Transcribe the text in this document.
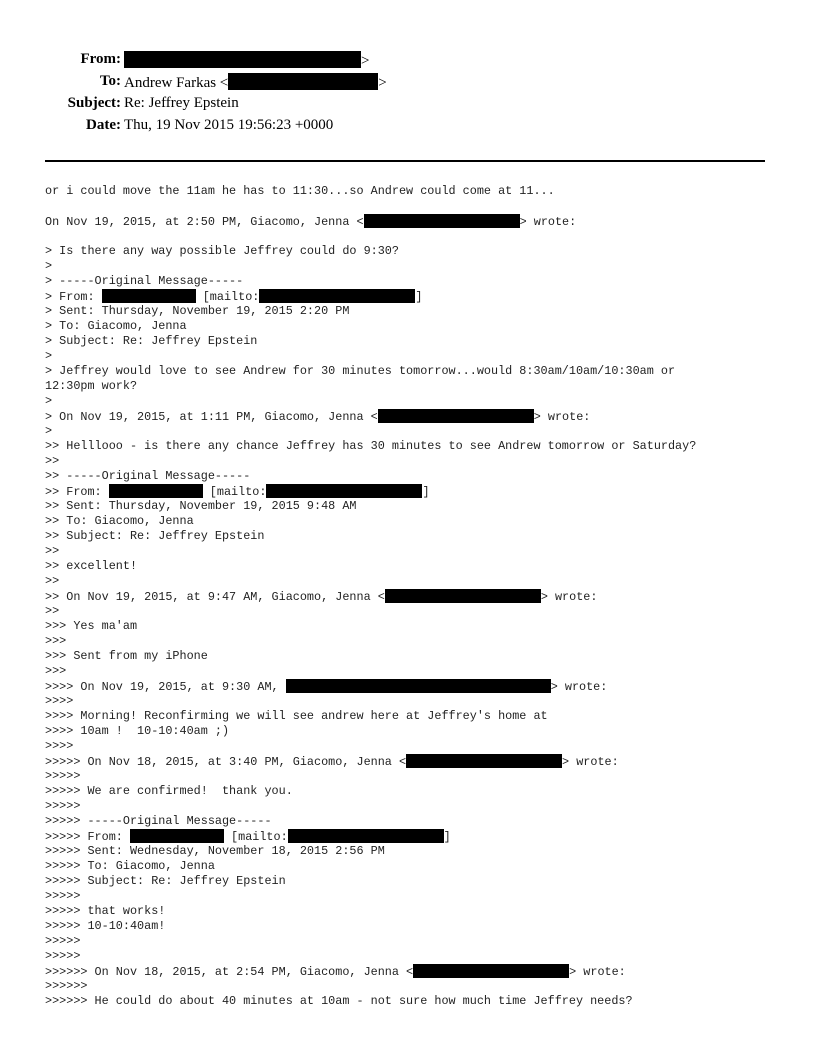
From:	>
To: Andrew Farkas <	>
Subject: Re: Jeffrey Epstein
Date: Thu, 19 Nov 2015 19:56:23 +0000
or i could move the 11am he has to 11:30...so Andrew could come at 11...
On Nov 19, 2015, at 2:50 PM, Giacomo, Jenna <	> wrote:
> Is there any way possible Jeffrey could do 9:30?
>
> -----Original Message-----
> From:	[mailto:	]
> Sent: Thursday, November 19, 2015 2:20 PM
> To: Giacomo, Jenna
> Subject: Re: Jeffrey Epstein
>
> Jeffrey would love to see Andrew for 30 minutes tomorrow...would 8:30am/10am/10:30am or
12:30pm work?
>
> On Nov 19, 2015, at 1:11 PM, Giacomo, Jenna <	> wrote:
>
>> Helllooo - is there any chance Jeffrey has 30 minutes to see Andrew tomorrow or Saturday?
>>
>> -----Original Message-----
>> From:	[mailto:	]
>> Sent: Thursday, November 19, 2015 9:48 AM
>> To: Giacomo, Jenna
>> Subject: Re: Jeffrey Epstein
>>
>> excellent!
>>
>> On Nov 19, 2015, at 9:47 AM, Giacomo, Jenna <	> wrote:
>>
>>> Yes ma'am
>>>
>>> Sent from my iPhone
>>>
>>>> On Nov 19, 2015, at 9:30 AM,	> wrote:
>>>>
>>>> Morning! Reconfirming we will see andrew here at Jeffrey's home at
>>>> 10am !  10-10:40am ;)
>>>>
>>>>> On Nov 18, 2015, at 3:40 PM, Giacomo, Jenna <	> wrote:
>>>>>
>>>>> We are confirmed!  thank you.
>>>>>
>>>>> -----Original Message-----
>>>>> From:	[mailto:	]
>>>>> Sent: Wednesday, November 18, 2015 2:56 PM
>>>>> To: Giacomo, Jenna
>>>>> Subject: Re: Jeffrey Epstein
>>>>>
>>>>> that works!
>>>>> 10-10:40am!
>>>>>
>>>>>
>>>>>> On Nov 18, 2015, at 2:54 PM, Giacomo, Jenna <	> wrote:
>>>>>>
>>>>>> He could do about 40 minutes at 10am - not sure how much time Jeffrey needs?
